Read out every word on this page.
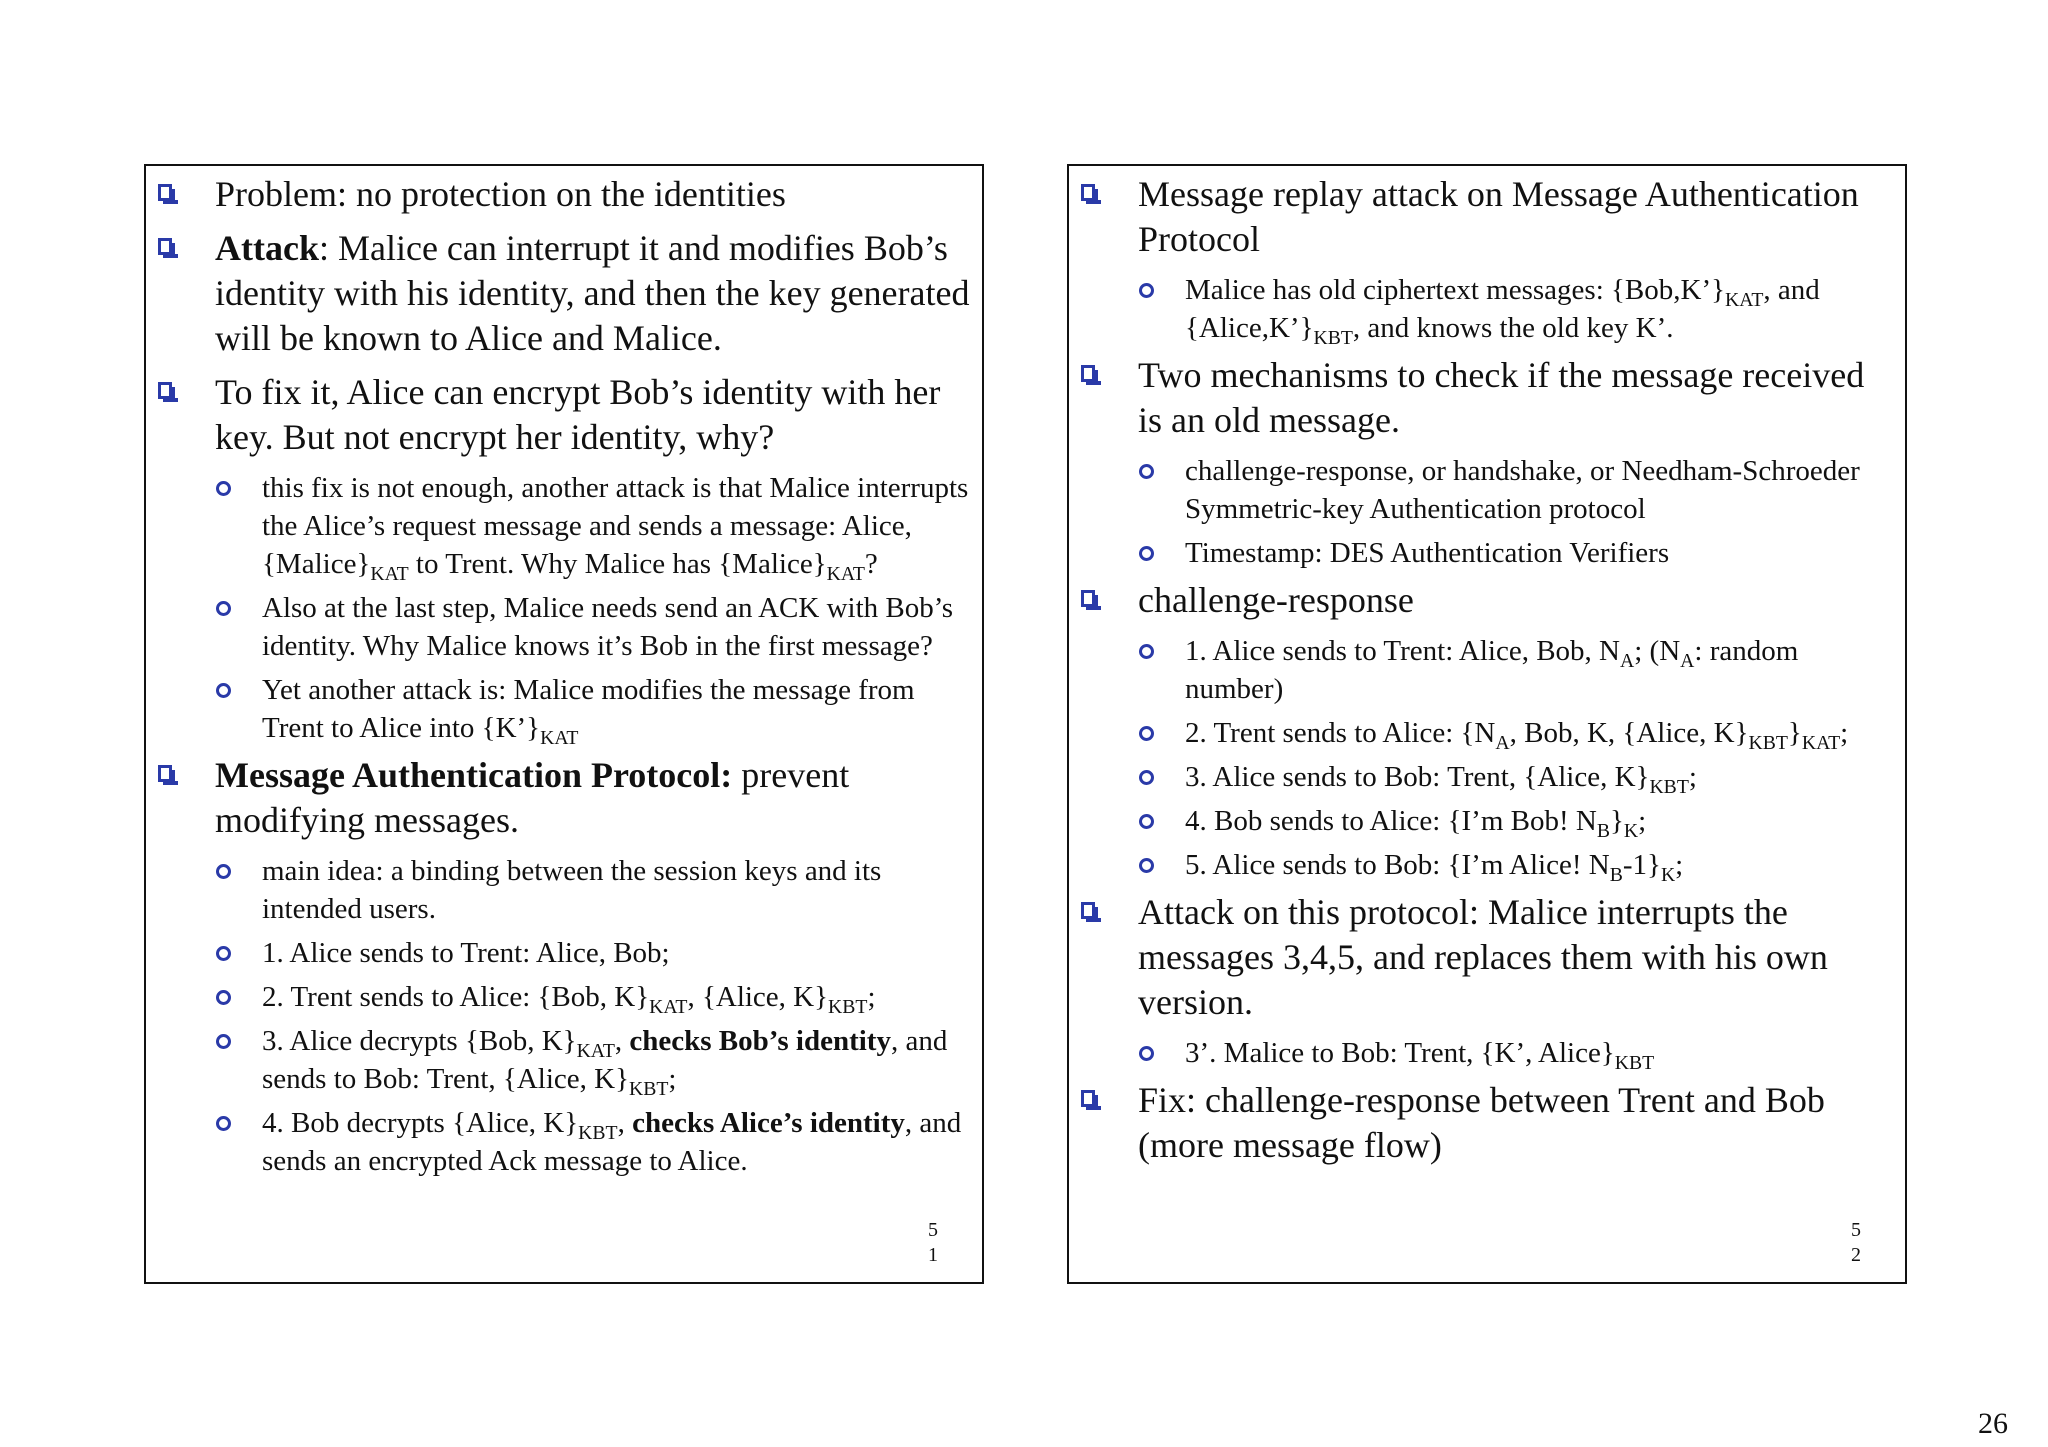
Problem: no protection on the identities
Attack: Malice can interrupt it and modifies Bob’s identity with his identity, and then the key generated will be known to Alice and Malice.
To fix it, Alice can encrypt Bob’s identity with her key. But not encrypt her identity, why?
this fix is not enough, another attack is that Malice interrupts the Alice’s request message and sends a message: Alice, $\{Malice\}_{KAT}$ to Trent. Why Malice has $\{Malice\}_{KAT}$?
Also at the last step, Malice needs send an ACK with Bob’s identity. Why Malice knows it’s Bob in the first message?
Yet another attack is: Malice modifies the message from Trent to Alice into $\{K’\}_{KAT}$
Message Authentication Protocol: prevent modifying messages.
main idea: a binding between the session keys and its intended users.
1. Alice sends to Trent: Alice, Bob;
2. Trent sends to Alice: {Bob, $K\}_{KAT}$, {Alice, $K\}_{KBT}$;
3. Alice decrypts {Bob, $K\}_{KAT}$, checks Bob’s identity, and sends to Bob: Trent, {Alice, $K\}_{KBT}$;
4. Bob decrypts {Alice, $K\}_{KBT}$, checks Alice’s identity, and sends an encrypted Ack message to Alice.
5
1
Message replay attack on Message Authentication Protocol
Malice has old ciphertext messages: $\{Bob,K’\}_{KAT}$, and $\{Alice,K’\}_{KBT}$, and knows the old key K’.
Two mechanisms to check if the message received is an old message.
challenge-response, or handshake, or Needham-Schroeder Symmetric-key Authentication protocol
Timestamp: DES Authentication Verifiers
challenge-response
1. Alice sends to Trent: Alice, Bob, $N_A$; ($N_A$: random number)
2. Trent sends to Alice: {$N_A$, Bob, K, {Alice, $K\}_{KBT}\}_{KAT}$;
3. Alice sends to Bob: Trent, {Alice, $K\}_{KBT}$;
4. Bob sends to Alice: {I’m Bob! $N_B\}_K$;
5. Alice sends to Bob: {I’m Alice! $N_B-1\}_K$;
Attack on this protocol: Malice interrupts the messages 3,4,5, and replaces them with his own version.
3’. Malice to Bob: Trent, {K’, $Alice\}_{KBT}$
Fix: challenge-response between Trent and Bob (more message flow)
5
2
26
